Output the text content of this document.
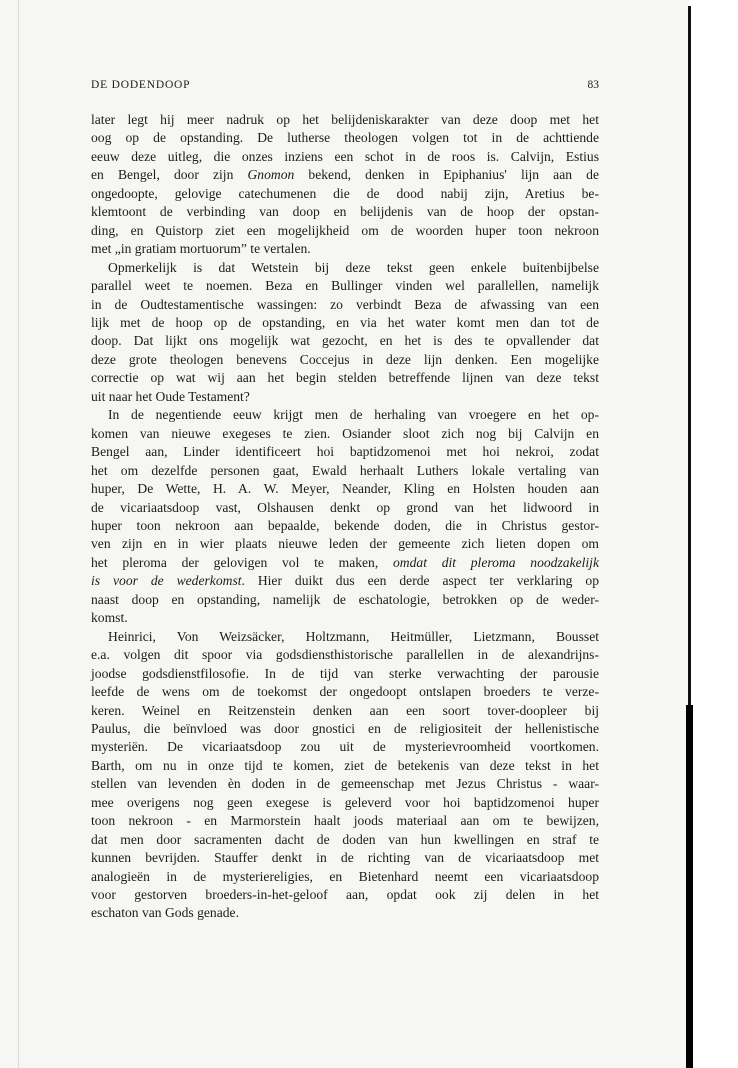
DE DODENDOOP	83

later legt hij meer nadruk op het belijdeniskarakter van deze doop met het
oog op de opstanding. De lutherse theologen volgen tot in de achttiende
eeuw deze uitleg, die onzes inziens een schot in de roos is. Calvijn, Estius
en Bengel, door zijn Gnomon bekend, denken in Epiphanius' lijn aan de
ongedoopte, gelovige catechumenen die de dood nabij zijn, Aretius be-
klemtoont de verbinding van doop en belijdenis van de hoop der opstan-
ding, en Quistorp ziet een mogelijkheid om de woorden huper toon nekroon
met „in gratiam mortuorum” te vertalen.

Opmerkelijk is dat Wetstein bij deze tekst geen enkele buitenbijbelse
parallel weet te noemen. Beza en Bullinger vinden wel parallellen, namelijk
in de Oudtestamentische wassingen: zo verbindt Beza de afwassing van een
lijk met de hoop op de opstanding, en via het water komt men dan tot de
doop. Dat lijkt ons mogelijk wat gezocht, en het is des te opvallender dat
deze grote theologen benevens Coccejus in deze lijn denken. Een mogelijke
correctie op wat wij aan het begin stelden betreffende lijnen van deze tekst
uit naar het Oude Testament?

In de negentiende eeuw krijgt men de herhaling van vroegere en het op-
komen van nieuwe exegeses te zien. Osiander sloot zich nog bij Calvijn en
Bengel aan, Linder identificeert hoi baptidzomenoi met hoi nekroi, zodat
het om dezelfde personen gaat, Ewald herhaalt Luthers lokale vertaling van
huper, De Wette, H. A. W. Meyer, Neander, Kling en Holsten houden aan
de vicariaatsdoop vast, Olshausen denkt op grond van het lidwoord in
huper toon nekroon aan bepaalde, bekende doden, die in Christus gestor-
ven zijn en in wier plaats nieuwe leden der gemeente zich lieten dopen om
het pleroma der gelovigen vol te maken, omdat dit pleroma noodzakelijk
is voor de wederkomst. Hier duikt dus een derde aspect ter verklaring op
naast doop en opstanding, namelijk de eschatologie, betrokken op de weder-
komst.

Heinrici, Von Weizsäcker, Holtzmann, Heitmüller, Lietzmann, Bousset
e.a. volgen dit spoor via godsdiensthistorische parallellen in de alexandrijns-
joodse godsdienstfilosofie. In de tijd van sterke verwachting der parousie
leefde de wens om de toekomst der ongedoopt ontslapen broeders te verze-
keren. Weinel en Reitzenstein denken aan een soort tover-doopleer bij
Paulus, die beïnvloed was door gnostici en de religiositeit der hellenistische
mysteriën. De vicariaatsdoop zou uit de mysterievroomheid voortkomen.
Barth, om nu in onze tijd te komen, ziet de betekenis van deze tekst in het
stellen van levenden èn doden in de gemeenschap met Jezus Christus - waar-
mee overigens nog geen exegese is geleverd voor hoi baptidzomenoi huper
toon nekroon - en Marmorstein haalt joods materiaal aan om te bewijzen,
dat men door sacramenten dacht de doden van hun kwellingen en straf te
kunnen bevrijden. Stauffer denkt in de richting van de vicariaatsdoop met
analogieën in de mysteriereligies, en Bietenhard neemt een vicariaatsdoop
voor gestorven broeders-in-het-geloof aan, opdat ook zij delen in het
eschaton van Gods genade.
